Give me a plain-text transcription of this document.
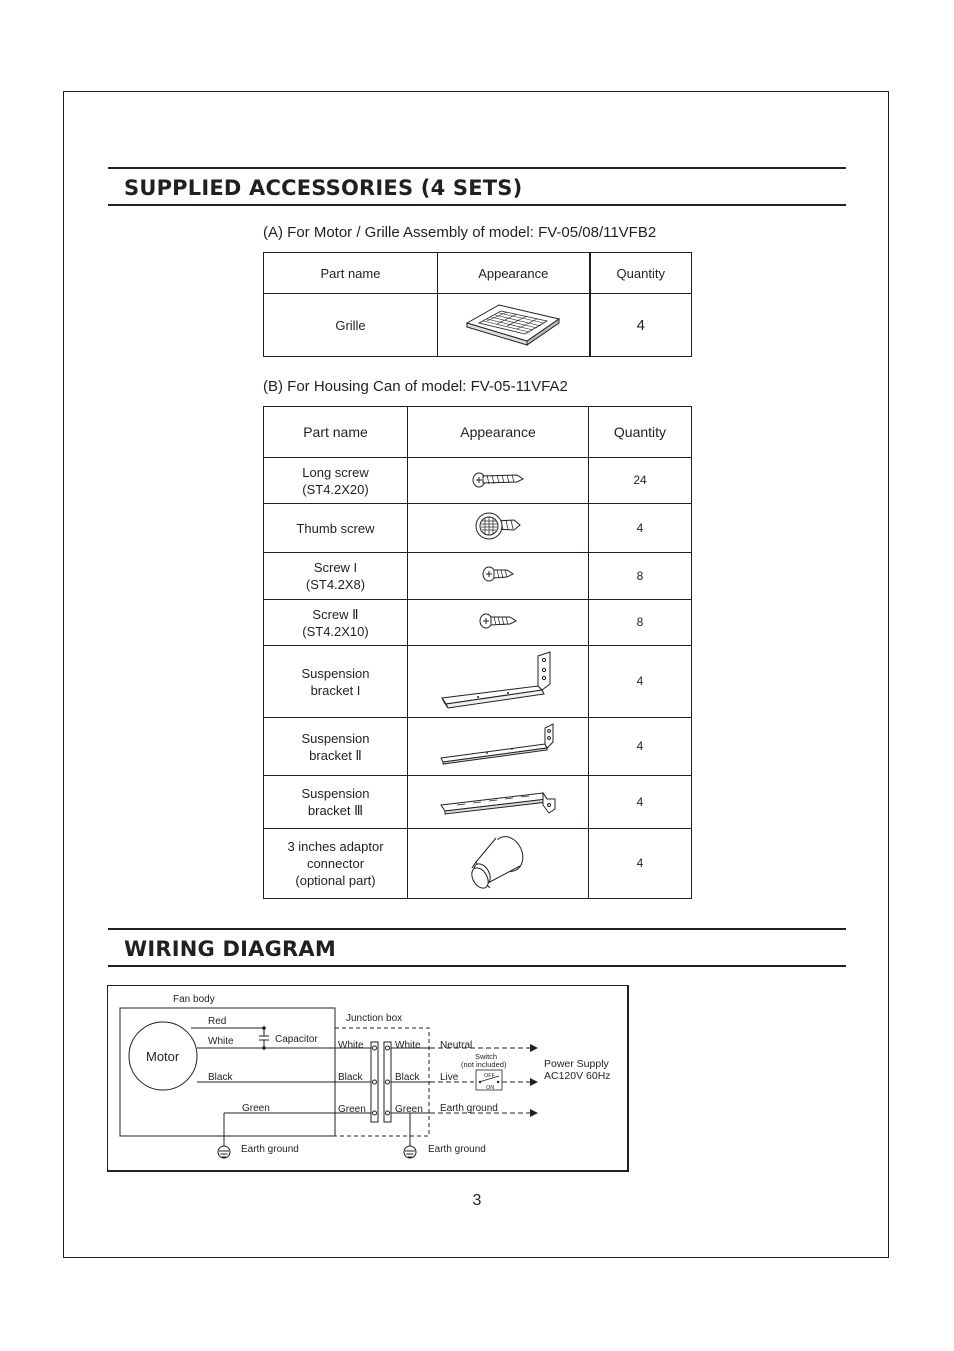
SUPPLIED ACCESSORIES (4 SETS)
(A) For Motor / Grille Assembly of model: FV-05/08/11VFB2
Part name	Appearance	Quantity
Grille		4
(B) For Housing Can of model: FV-05-11VFA2
Part name	Appearance	Quantity

Long screw
(ST4.2X20)		24

Thumb screw		4

Screw I
(ST4.2X8)		8

Screw Ⅱ
(ST4.2X10)		8

Suspension
bracket I		4

Suspension
bracket Ⅱ		4

Suspension
bracket Ⅲ		4

3 inches adaptor
connector
(optional part)		4
WIRING DIAGRAM
Fan body
Motor
Red
White
Black
Capacitor
Green
Earth ground
Junction box
White
Black
Green
White
Black
Green
Earth ground
Neutral
Live
Earth ground
Switch
(not included)
OFF
ON
Power Supply
AC120V 60Hz
3
